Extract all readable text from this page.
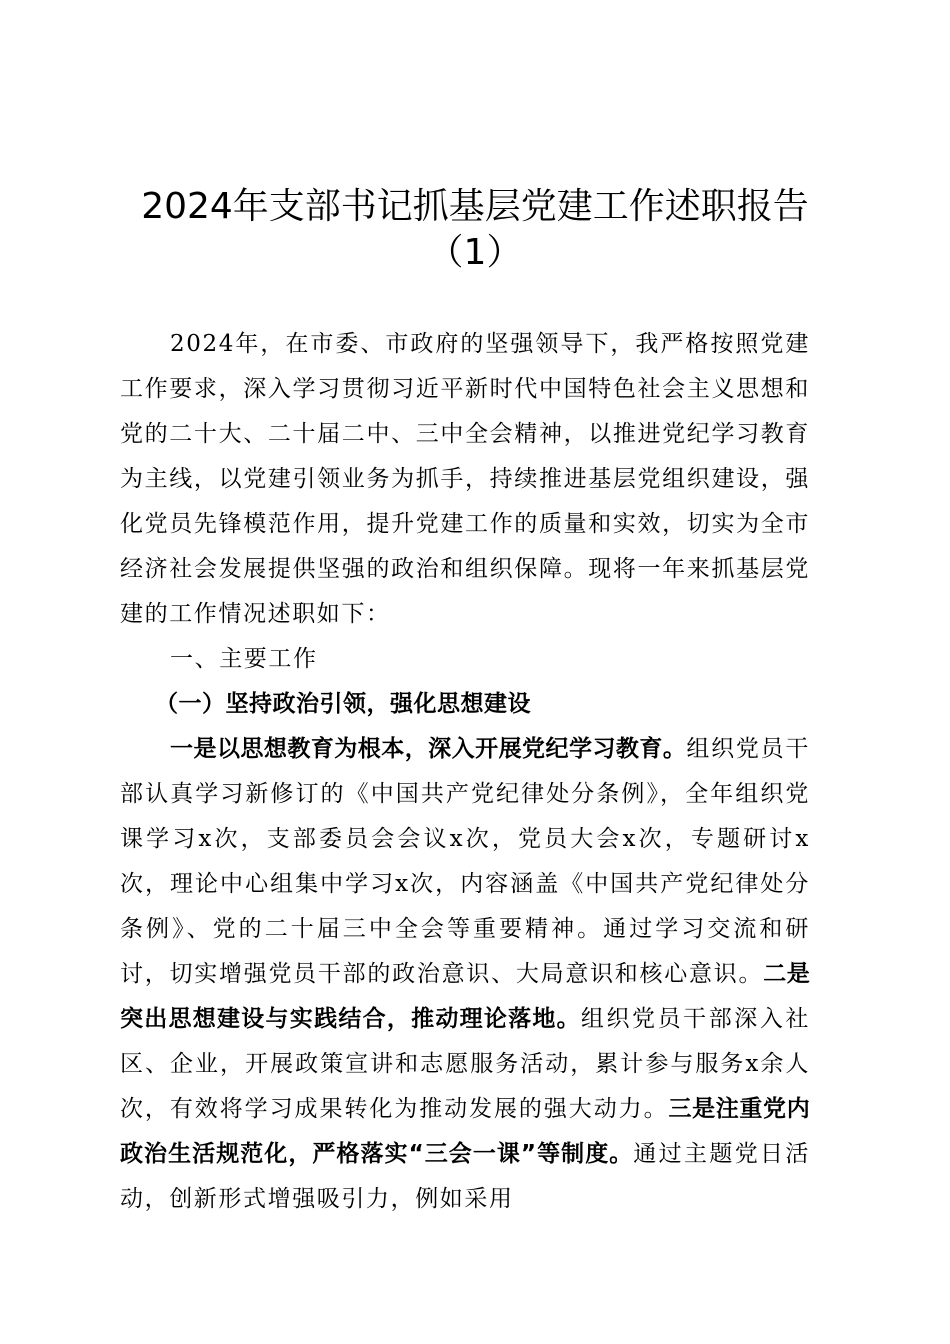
2024年支部书记抓基层党建工作述职报告
（1）

2024年，在市委、市政府的坚强领导下，我严格按照党建工作要求，深入学习贯彻习近平新时代中国特色社会主义思想和党的二十大、二十届二中、三中全会精神，以推进党纪学习教育为主线，以党建引领业务为抓手，持续推进基层党组织建设，强化党员先锋模范作用，提升党建工作的质量和实效，切实为全市经济社会发展提供坚强的政治和组织保障。现将一年来抓基层党建的工作情况述职如下：

一、主要工作

（一）坚持政治引领，强化思想建设

一是以思想教育为根本，深入开展党纪学习教育。组织党员干部认真学习新修订的《中国共产党纪律处分条例》，全年组织党课学习x次，支部委员会会议x次，党员大会x次，专题研讨x次，理论中心组集中学习x次，内容涵盖《中国共产党纪律处分条例》、党的二十届三中全会等重要精神。通过学习交流和研讨，切实增强党员干部的政治意识、大局意识和核心意识。二是突出思想建设与实践结合，推动理论落地。组织党员干部深入社区、企业，开展政策宣讲和志愿服务活动，累计参与服务x余人次，有效将学习成果转化为推动发展的强大动力。三是注重党内政治生活规范化，严格落实“三会一课”等制度。通过主题党日活动，创新形式增强吸引力，例如采用
